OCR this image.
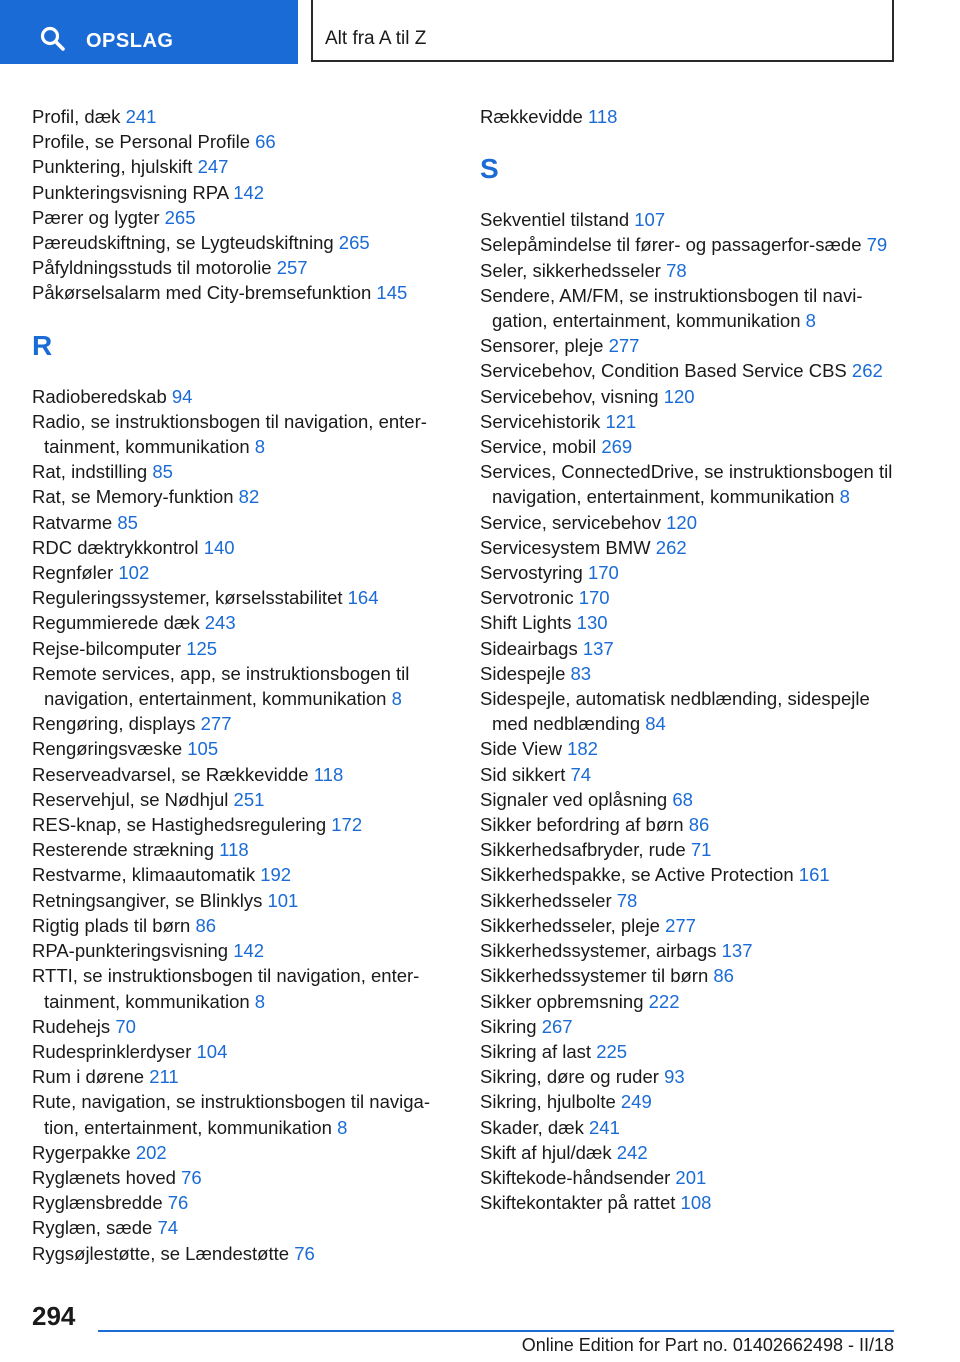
OPSLAG	Alt fra A til Z
Profil, dæk 241
Profile, se Personal Profile 66
Punktering, hjulskift 247
Punkteringsvisning RPA 142
Pærer og lygter 265
Pæreudskiftning, se Lygteudskiftning 265
Påfyldningsstuds til motorolie 257
Påkørselsalarm med City-bremsefunktion 145
R
Radioberedskab 94
Radio, se instruktionsbogen til navigation, enter-tainment, kommunikation 8
Rat, indstilling 85
Rat, se Memory-funktion 82
Ratvarme 85
RDC dæktrykkontrol 140
Regnføler 102
Reguleringssystemer, kørselsstabilitet 164
Regummierede dæk 243
Rejse-bilcomputer 125
Remote services, app, se instruktionsbogen til navigation, entertainment, kommunikation 8
Rengøring, displays 277
Rengøringsvæske 105
Reserveadvarsel, se Rækkevidde 118
Reservehjul, se Nødhjul 251
RES-knap, se Hastighedsregulering 172
Resterende strækning 118
Restvarme, klimaautomatik 192
Retningsangiver, se Blinklys 101
Rigtig plads til børn 86
RPA-punkteringsvisning 142
RTTI, se instruktionsbogen til navigation, enter-tainment, kommunikation 8
Rudehejs 70
Rudesprinklerdyser 104
Rum i dørene 211
Rute, navigation, se instruktionsbogen til naviga-tion, entertainment, kommunikation 8
Rygerpakke 202
Ryglænets hoved 76
Ryglænsbredde 76
Ryglæn, sæde 74
Rygsøjlestøtte, se Lændestøtte 76
Rækkevidde 118
S
Sekventiel tilstand 107
Selepåmindelse til fører- og passagerfor-sæde 79
Seler, sikkerhedsseler 78
Sendere, AM/FM, se instruktionsbogen til navi-gation, entertainment, kommunikation 8
Sensorer, pleje 277
Servicebehov, Condition Based Service CBS 262
Servicebehov, visning 120
Servicehistorik 121
Service, mobil 269
Services, ConnectedDrive, se instruktionsbogen til navigation, entertainment, kommunikation 8
Service, servicebehov 120
Servicesystem BMW 262
Servostyring 170
Servotronic 170
Shift Lights 130
Sideairbags 137
Sidespejle 83
Sidespejle, automatisk nedblænding, sidespejle med nedblænding 84
Side View 182
Sid sikkert 74
Signaler ved oplåsning 68
Sikker befordring af børn 86
Sikkerhedsafbryder, rude 71
Sikkerhedspakke, se Active Protection 161
Sikkerhedsseler 78
Sikkerhedsseler, pleje 277
Sikkerhedssystemer, airbags 137
Sikkerhedssystemer til børn 86
Sikker opbremsning 222
Sikring 267
Sikring af last 225
Sikring, døre og ruder 93
Sikring, hjulbolte 249
Skader, dæk 241
Skift af hjul/dæk 242
Skiftekode-håndsender 201
Skiftekontakter på rattet 108
294
Online Edition for Part no. 01402662498 - II/18
